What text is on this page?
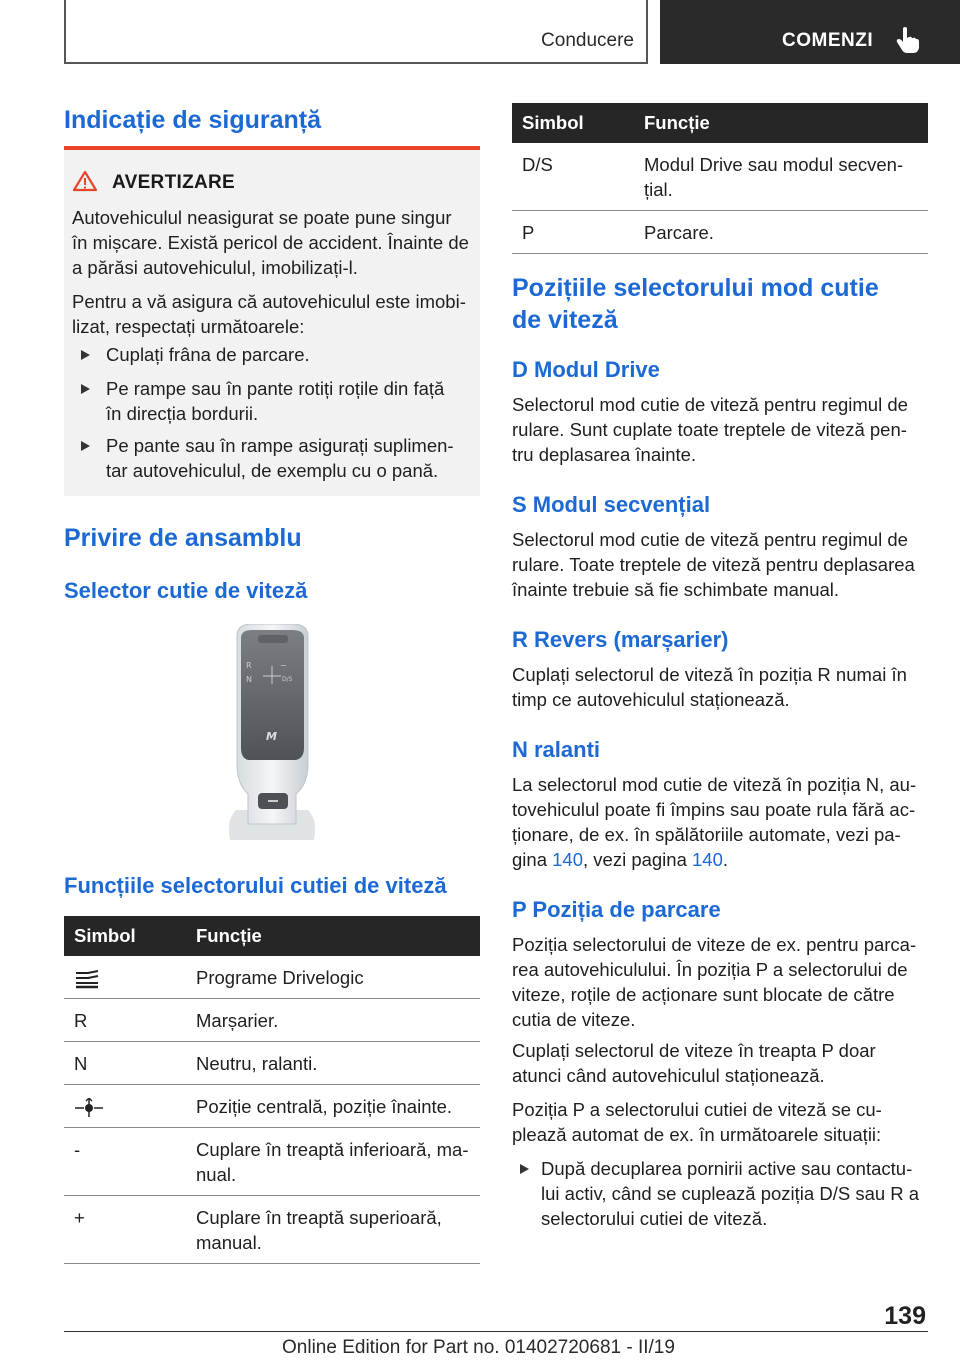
Conducere	COMENZI
Indicație de siguranță
AVERTIZARE
Autovehiculul neasigurat se poate pune singur
în mișcare. Există pericol de accident. Înainte de
a părăsi autovehiculul, imobilizați-l.
Pentru a vă asigura că autovehiculul este imobi-
lizat, respectați următoarele:
Cuplați frâna de parcare.
Pe rampe sau în pante rotiți roțile din față
în direcția bordurii.
Pe pante sau în rampe asigurați suplimen-
tar autovehiculul, de exemplu cu o pană.
Privire de ansamblu
Selector cutie de viteză
R
N
−
D/S
M
Funcțiile selectorului cutiei de viteză
Simbol	Funcție

Programe Drivelogic

R	Marșarier.

N	Neutru, ralanti.

Poziție centrală, poziție înainte.

-	Cuplare în treaptă inferioară, ma-
nual.

+	Cuplare în treaptă superioară,
manual.
Simbol	Funcție
D/S	Modul Drive sau modul secven-
țial.

P	Parcare.
Pozițiile selectorului mod cutie
de viteză
D Modul Drive
Selectorul mod cutie de viteză pentru regimul de
rulare. Sunt cuplate toate treptele de viteză pen-
tru deplasarea înainte.
S Modul secvențial
Selectorul mod cutie de viteză pentru regimul de
rulare. Toate treptele de viteză pentru deplasarea
înainte trebuie să fie schimbate manual.
R Revers (marșarier)
Cuplați selectorul de viteză în poziția R numai în
timp ce autovehiculul staționează.
N ralanti
La selectorul mod cutie de viteză în poziția N, au-
tovehiculul poate fi împins sau poate rula fără ac-
ționare, de ex. în spălătoriile automate, vezi pa-
gina 140, vezi pagina 140.
P Poziția de parcare
Poziția selectorului de viteze de ex. pentru parca-
rea autovehiculului. În poziția P a selectorului de
viteze, roțile de acționare sunt blocate de către
cutia de viteze.
Cuplați selectorul de viteze în treapta P doar
atunci când autovehiculul staționează.
Poziția P a selectorului cutiei de viteză se cu-
plează automat de ex. în următoarele situații:
După decuplarea pornirii active sau contactu-
lui activ, când se cuplează poziția D/S sau R a
selectorului cutiei de viteză.
139
Online Edition for Part no. 01402720681 - II/19
